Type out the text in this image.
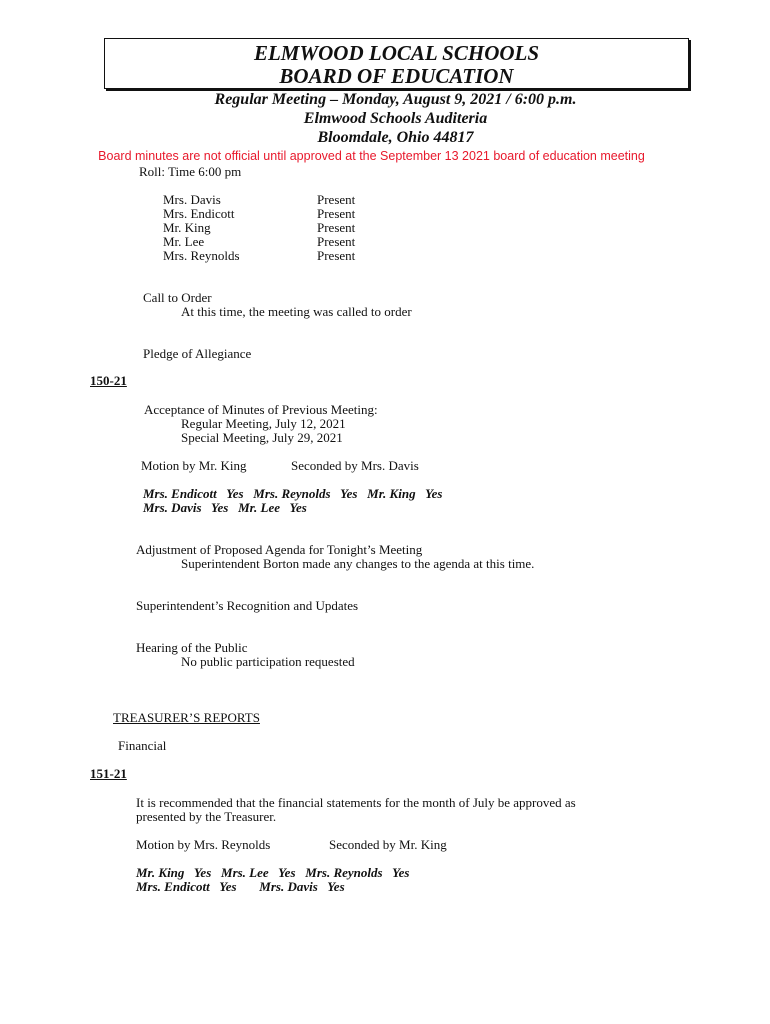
ELMWOOD LOCAL SCHOOLS
BOARD OF EDUCATION
Regular Meeting – Monday, August 9, 2021 / 6:00 p.m.
Elmwood Schools Auditeria
Bloomdale, Ohio 44817
Board minutes are not official until approved at the September 13 2021 board of education meeting
Roll: Time 6:00 pm
Mrs. Davis	Present
Mrs. Endicott	Present
Mr. King	Present
Mr. Lee	Present
Mrs. Reynolds	Present
Call to Order
At this time, the meeting was called to order
Pledge of Allegiance
150-21
Acceptance of Minutes of Previous Meeting:
Regular Meeting, July 12, 2021
Special Meeting, July 29, 2021
Motion by Mr. King	Seconded by Mrs. Davis
Mrs. Endicott   Yes   Mrs. Reynolds   Yes   Mr. King   Yes
Mrs. Davis   Yes   Mr. Lee   Yes
Adjustment of Proposed Agenda for Tonight’s Meeting
Superintendent Borton made any changes to the agenda at this time.
Superintendent’s Recognition and Updates
Hearing of the Public
No public participation requested
TREASURER’S REPORTS
Financial
151-21
It is recommended that the financial statements for the month of July be approved as
presented by the Treasurer.
Motion by Mrs. Reynolds	Seconded by Mr. King
Mr. King   Yes   Mrs. Lee   Yes   Mrs. Reynolds   Yes
Mrs. Endicott   Yes       Mrs. Davis   Yes
